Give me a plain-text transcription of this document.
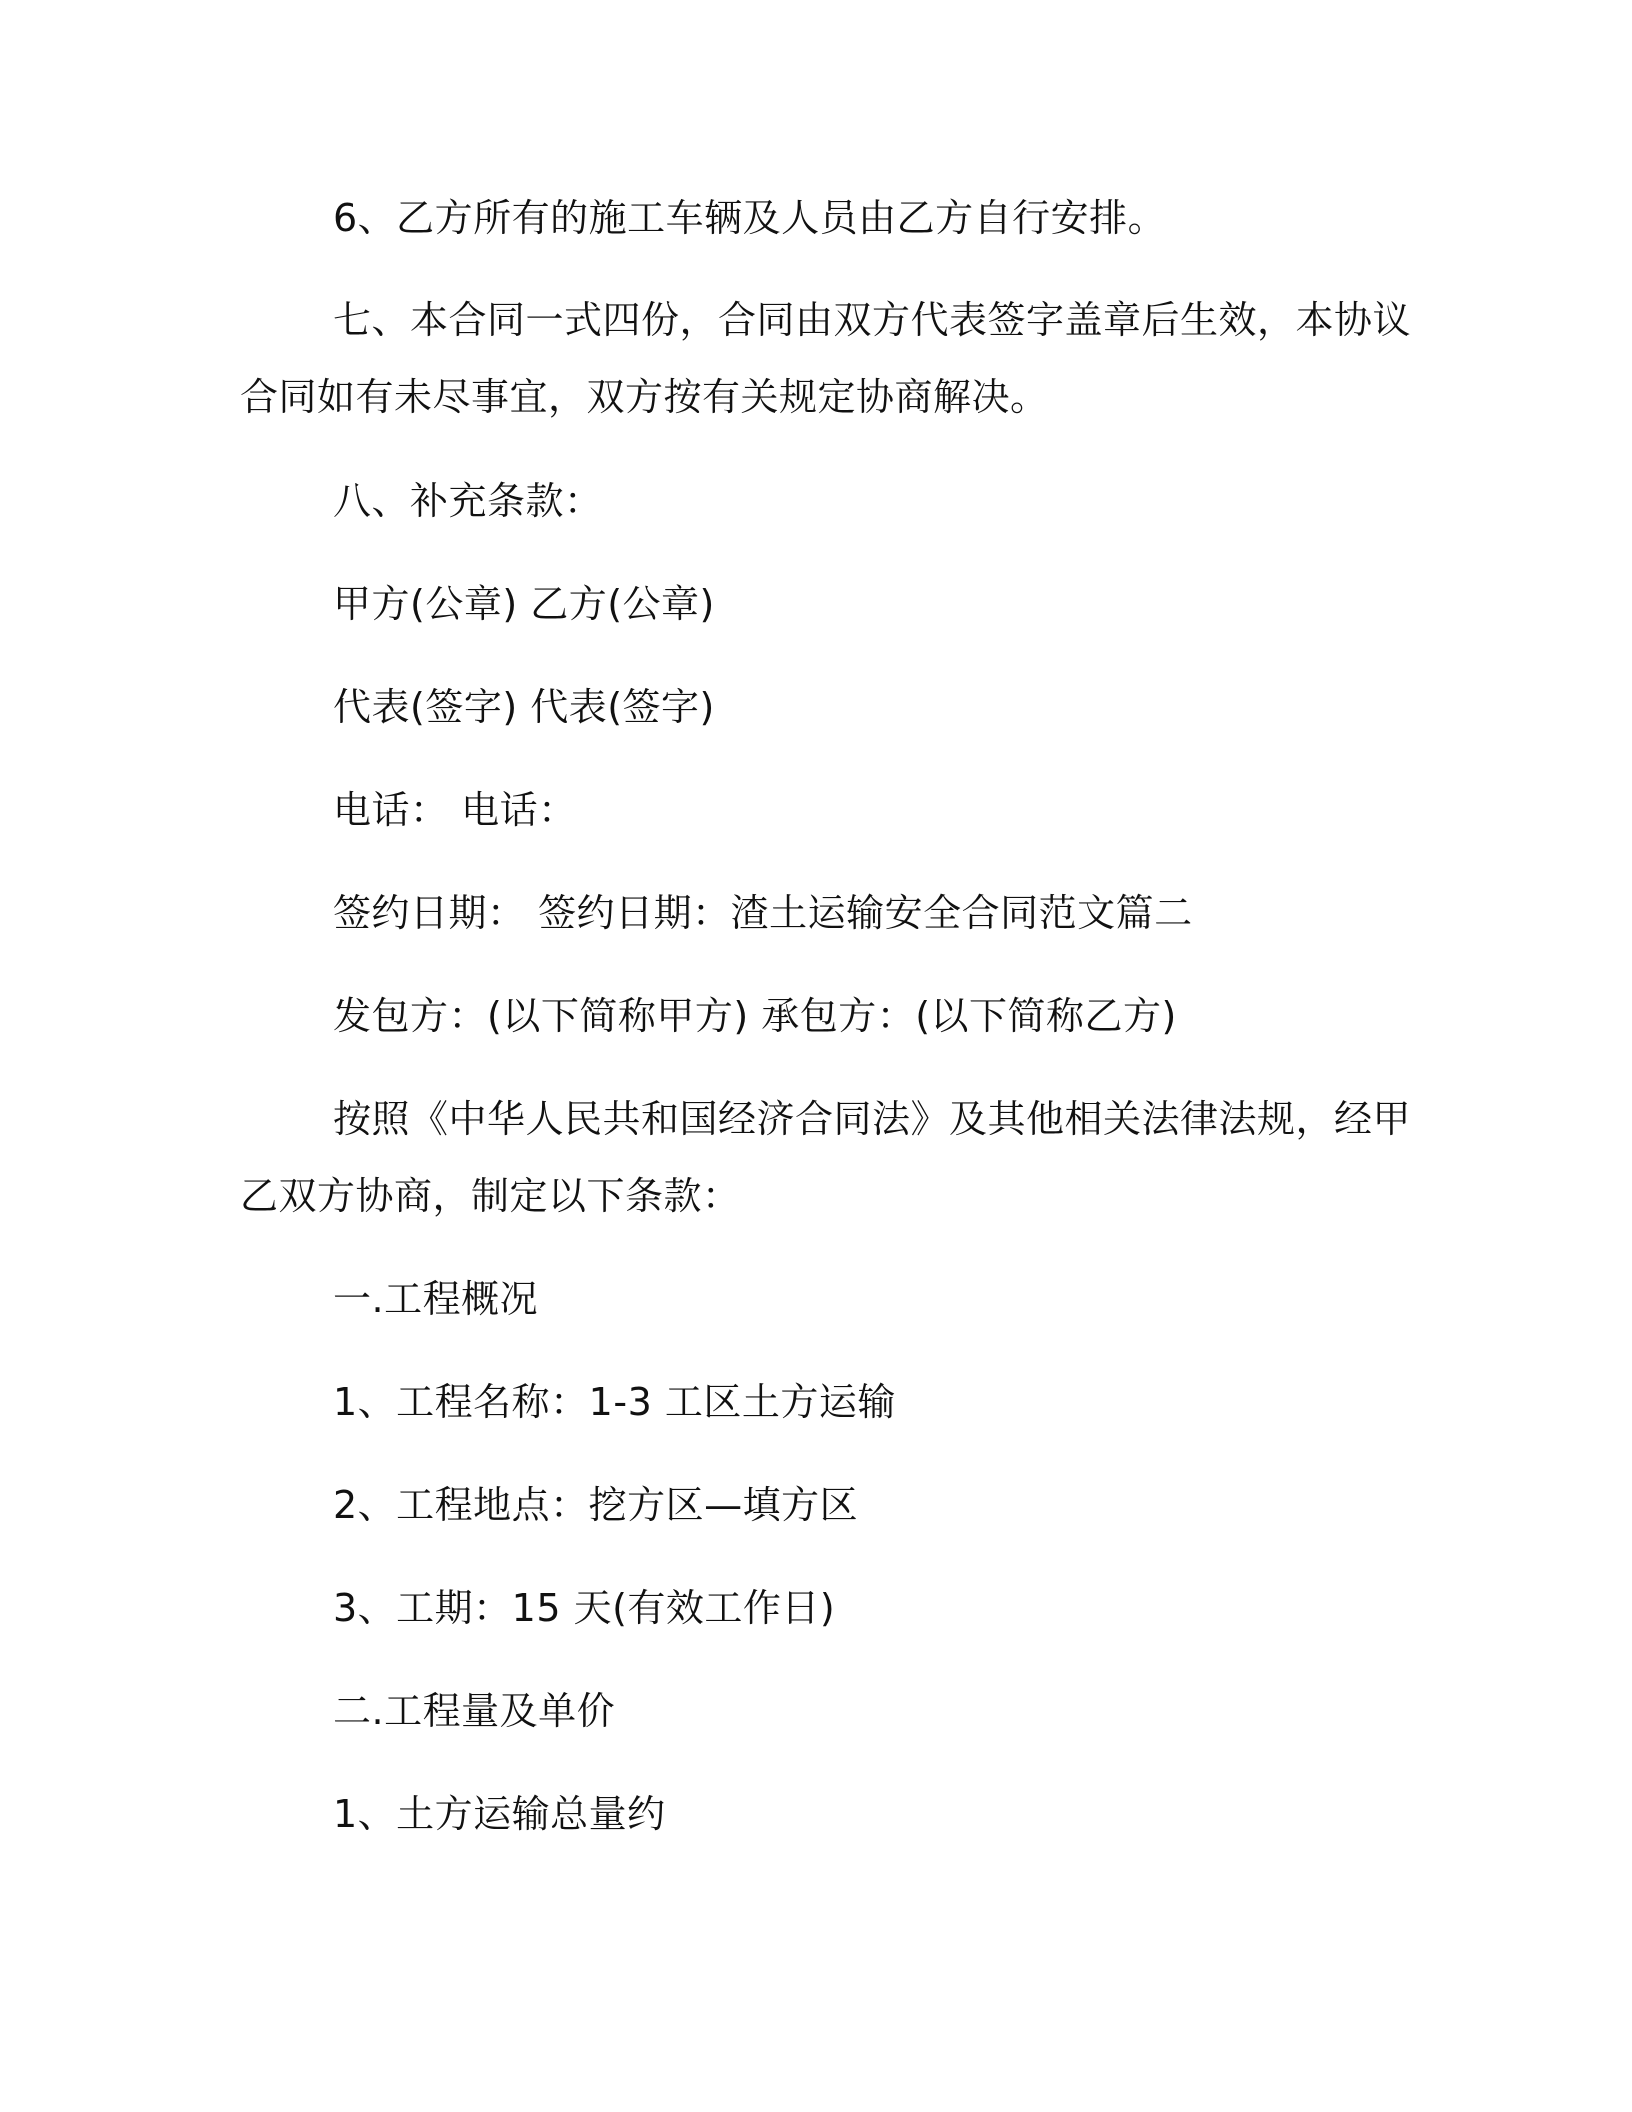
6、乙方所有的施工车辆及人员由乙方自行安排。
七、本合同一式四份，合同由双方代表签字盖章后生效，本协议
合同如有未尽事宜，双方按有关规定协商解决。
八、补充条款：
甲方(公章) 乙方(公章)
代表(签字) 代表(签字)
电话： 电话：
签约日期： 签约日期：渣土运输安全合同范文篇二
发包方：(以下简称甲方) 承包方：(以下简称乙方)
按照《中华人民共和国经济合同法》及其他相关法律法规，经甲
乙双方协商，制定以下条款：
一.工程概况
1、工程名称：1-3 工区土方运输
2、工程地点：挖方区—填方区
3、工期：15 天(有效工作日)
二.工程量及单价
1、土方运输总量约
